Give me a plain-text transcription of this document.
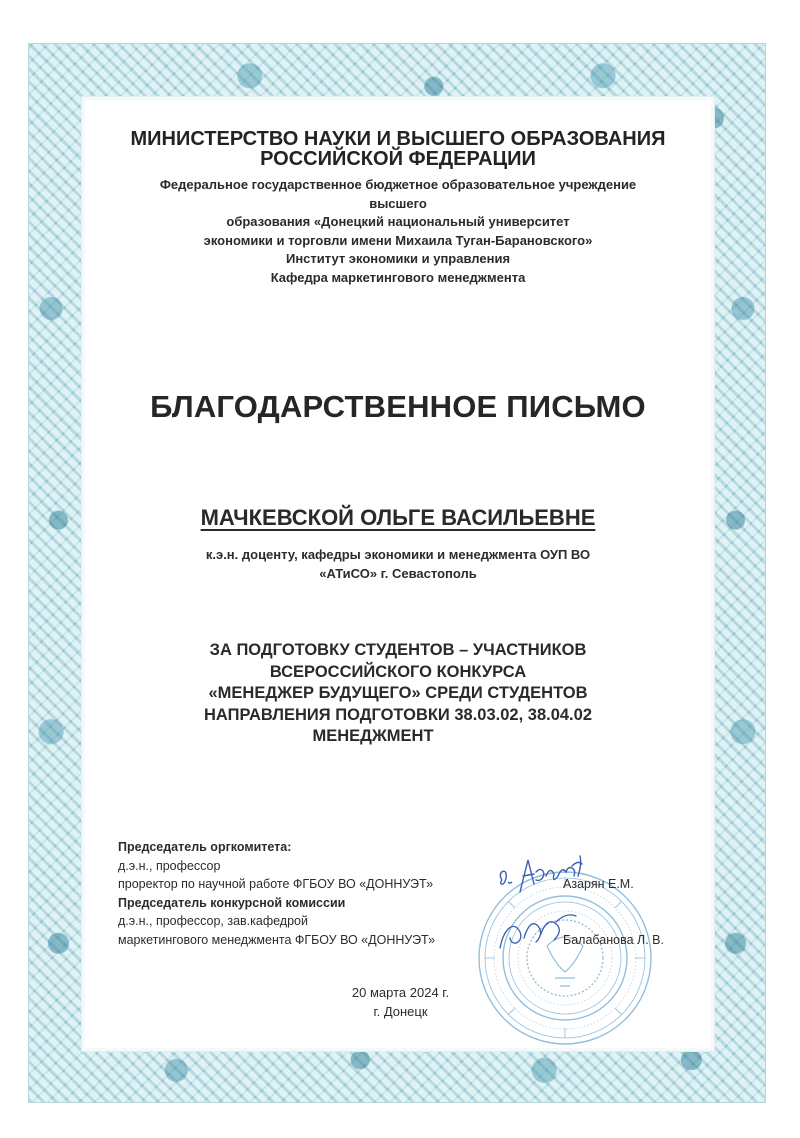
МИНИСТЕРСТВО НАУКИ И ВЫСШЕГО ОБРАЗОВАНИЯ
РОССИЙСКОЙ ФЕДЕРАЦИИ
Федеральное государственное бюджетное образовательное учреждение
высшего
образования «Донецкий национальный университет
экономики и торговли имени Михаила Туган-Барановского»
Институт экономики и управления
Кафедра маркетингового менеджмента
БЛАГОДАРСТВЕННОЕ ПИСЬМО
МАЧКЕВСКОЙ ОЛЬГЕ ВАСИЛЬЕВНЕ
к.э.н. доценту, кафедры экономики и менеджмента ОУП ВО
«АТиСО» г. Севастополь
ЗА ПОДГОТОВКУ СТУДЕНТОВ – УЧАСТНИКОВ
ВСЕРОССИЙСКОГО КОНКУРСА
«МЕНЕДЖЕР БУДУЩЕГО» СРЕДИ СТУДЕНТОВ
НАПРАВЛЕНИЯ ПОДГОТОВКИ 38.03.02, 38.04.02
МЕНЕДЖМЕНТ
Председатель оргкомитета:
д.э.н., профессор
проректор по научной работе ФГБОУ ВО «ДОННУЭТ»	Азарян Е.М.
Председатель конкурсной комиссии
д.э.н., профессор, зав.кафедрой
маркетингового менеджмента ФГБОУ ВО «ДОННУЭТ»	Балабанова Л. В.
20 марта 2024 г.
г. Донецк
